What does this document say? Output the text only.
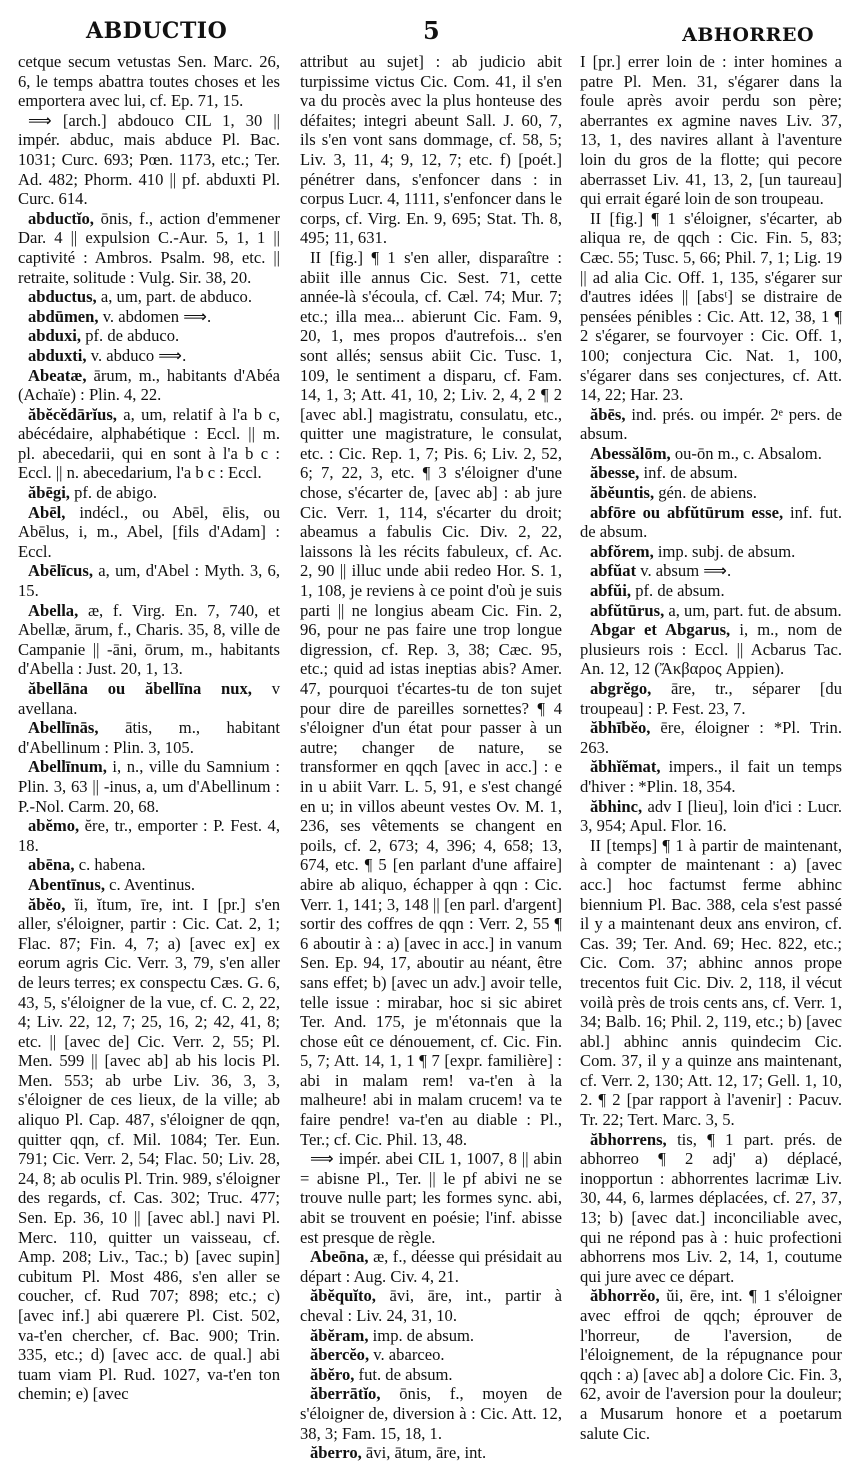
ABDUCTIO	5	ABHORREO

cetque secum vetustas Sen. Marc. 26, 6, le temps abattra toutes choses et les emportera avec lui, cf. Ep. 71, 15.

⟹ [arch.] abdouco CIL 1, 30 || impér. abduc, mais abduce Pl. Bac. 1031; Curc. 693; Pœn. 1173, etc.; Ter. Ad. 482; Phorm. 410 || pf. abduxti Pl. Curc. 614.

abductĭo, ōnis, f., action d'emmener Dar. 4 || expulsion C.-Aur. 5, 1, 1 || captivité : Ambros. Psalm. 98, etc. || retraite, solitude : Vulg. Sir. 38, 20.

abductus, a, um, part. de abduco.

abdūmen, v. abdomen ⟹.

abduxi, pf. de abduco.

abduxti, v. abduco ⟹.

Abeatæ, ārum, m., habitants d'Abéa (Achaïe) : Plin. 4, 22.

ăbĕcĕdārĭus, a, um, relatif à l'a b c, abécédaire, alphabétique : Eccl. || m. pl. abecedarii, qui en sont à l'a b c : Eccl. || n. abecedarium, l'a b c : Eccl.

ăbēgi, pf. de abigo.

Abēl, indécl., ou Abēl, ēlis, ou Abēlus, i, m., Abel, [fils d'Adam] : Eccl.

Abēlīcus, a, um, d'Abel : Myth. 3, 6, 15.

Abella, æ, f. Virg. En. 7, 740, et Abellæ, ārum, f., Charis. 35, 8, ville de Campanie || -āni, ōrum, m., habitants d'Abella : Just. 20, 1, 13.

ăbellāna ou ăbellīna nux, v avellana.

Abellīnās, ātis, m., habitant d'Abellinum : Plin. 3, 105.

Abellīnum, i, n., ville du Samnium : Plin. 3, 63 || -inus, a, um d'Abellinum : P.-Nol. Carm. 20, 68.

abĕmo, ĕre, tr., emporter : P. Fest. 4, 18.

abēna, c. habena.

Abentīnus, c. Aventinus.

ăbĕo, ĭi, ĭtum, īre, int. I [pr.] s'en aller, s'éloigner, partir : Cic. Cat. 2, 1; Flac. 87; Fin. 4, 7; a) [avec ex] ex eorum agris Cic. Verr. 3, 79, s'en aller de leurs terres; ex conspectu Cæs. G. 6, 43, 5, s'éloigner de la vue, cf. C. 2, 22, 4; Liv. 22, 12, 7; 25, 16, 2; 42, 41, 8; etc. || [avec de] Cic. Verr. 2, 55; Pl. Men. 599 || [avec ab] ab his locis Pl. Men. 553; ab urbe Liv. 36, 3, 3, s'éloigner de ces lieux, de la ville; ab aliquo Pl. Cap. 487, s'éloigner de qqn, quitter qqn, cf. Mil. 1084; Ter. Eun. 791; Cic. Verr. 2, 54; Flac. 50; Liv. 28, 24, 8; ab oculis Pl. Trin. 989, s'éloigner des regards, cf. Cas. 302; Truc. 477; Sen. Ep. 36, 10 || [avec abl.] navi Pl. Merc. 110, quitter un vaisseau, cf. Amp. 208; Liv., Tac.; b) [avec supin] cubitum Pl. Most 486, s'en aller se coucher, cf. Rud 707; 898; etc.; c) [avec inf.] abi quærere Pl. Cist. 502, va-t'en chercher, cf. Bac. 900; Trin. 335, etc.; d) [avec acc. de qual.] abi tuam viam Pl. Rud. 1027, va-t'en ton chemin; e) [avec

attribut au sujet] : ab judicio abit turpissime victus Cic. Com. 41, il s'en va du procès avec la plus honteuse des défaites; integri abeunt Sall. J. 60, 7, ils s'en vont sans dommage, cf. 58, 5; Liv. 3, 11, 4; 9, 12, 7; etc. f) [poét.] pénétrer dans, s'enfoncer dans : in corpus Lucr. 4, 1111, s'enfoncer dans le corps, cf. Virg. En. 9, 695; Stat. Th. 8, 495; 11, 631.

II [fig.] ¶ 1 s'en aller, disparaître : abiit ille annus Cic. Sest. 71, cette année-là s'écoula, cf. Cæl. 74; Mur. 7; etc.; illa mea... abierunt Cic. Fam. 9, 20, 1, mes propos d'autrefois... s'en sont allés; sensus abiit Cic. Tusc. 1, 109, le sentiment a disparu, cf. Fam. 14, 1, 3; Att. 41, 10, 2; Liv. 2, 4, 2 ¶ 2 [avec abl.] magistratu, consulatu, etc., quitter une magistrature, le consulat, etc. : Cic. Rep. 1, 7; Pis. 6; Liv. 2, 52, 6; 7, 22, 3, etc. ¶ 3 s'éloigner d'une chose, s'écarter de, [avec ab] : ab jure Cic. Verr. 1, 114, s'écarter du droit; abeamus a fabulis Cic. Div. 2, 22, laissons là les récits fabuleux, cf. Ac. 2, 90 || illuc unde abii redeo Hor. S. 1, 1, 108, je reviens à ce point d'où je suis parti || ne longius abeam Cic. Fin. 2, 96, pour ne pas faire une trop longue digression, cf. Rep. 3, 38; Cæc. 95, etc.; quid ad istas ineptias abis? Amer. 47, pourquoi t'écartes-tu de ton sujet pour dire de pareilles sornettes? ¶ 4 s'éloigner d'un état pour passer à un autre; changer de nature, se transformer en qqch [avec in acc.] : e in u abiit Varr. L. 5, 91, e s'est changé en u; in villos abeunt vestes Ov. M. 1, 236, ses vêtements se changent en poils, cf. 2, 673; 4, 396; 4, 658; 13, 674, etc. ¶ 5 [en parlant d'une affaire] abire ab aliquo, échapper à qqn : Cic. Verr. 1, 141; 3, 148 || [en parl. d'argent] sortir des coffres de qqn : Verr. 2, 55 ¶ 6 aboutir à : a) [avec in acc.] in vanum Sen. Ep. 94, 17, aboutir au néant, être sans effet; b) [avec un adv.] avoir telle, telle issue : mirabar, hoc si sic abiret Ter. And. 175, je m'étonnais que la chose eût ce dénouement, cf. Cic. Fin. 5, 7; Att. 14, 1, 1 ¶ 7 [expr. familière] : abi in malam rem! va-t'en à la malheure! abi in malam crucem! va te faire pendre! va-t'en au diable : Pl., Ter.; cf. Cic. Phil. 13, 48.

⟹ impér. abei CIL 1, 1007, 8 || abin = abisne Pl., Ter. || le pf abivi ne se trouve nulle part; les formes sync. abi, abit se trouvent en poésie; l'inf. abisse est presque de règle.

Abeōna, æ, f., déesse qui présidait au départ : Aug. Civ. 4, 21.

ăbĕquĭto, āvi, āre, int., partir à cheval : Liv. 24, 31, 10.

ăbĕram, imp. de absum.

ăbercĕo, v. abarceo.

ăbĕro, fut. de absum.

ăberrātĭo, ōnis, f., moyen de s'éloigner de, diversion à : Cic. Att. 12, 38, 3; Fam. 15, 18, 1.

ăberro, āvi, ātum, āre, int.

I [pr.] errer loin de : inter homines a patre Pl. Men. 31, s'égarer dans la foule après avoir perdu son père; aberrantes ex agmine naves Liv. 37, 13, 1, des navires allant à l'aventure loin du gros de la flotte; qui pecore aberrasset Liv. 41, 13, 2, [un taureau] qui errait égaré loin de son troupeau.

II [fig.] ¶ 1 s'éloigner, s'écarter, ab aliqua re, de qqch : Cic. Fin. 5, 83; Cæc. 55; Tusc. 5, 66; Phil. 7, 1; Lig. 19 || ad alia Cic. Off. 1, 135, s'égarer sur d'autres idées || [absᵗ] se distraire de pensées pénibles : Cic. Att. 12, 38, 1 ¶ 2 s'égarer, se fourvoyer : Cic. Off. 1, 100; conjectura Cic. Nat. 1, 100, s'égarer dans ses conjectures, cf. Att. 14, 22; Har. 23.

ăbēs, ind. prés. ou impér. 2ᵉ pers. de absum.

Abessălōm, ou-ōn m., c. Absalom.

ăbesse, inf. de absum.

ăbĕuntis, gén. de abiens.

abfōre ou abfŭtūrum esse, inf. fut. de absum.

abfŏrem, imp. subj. de absum.

abfŭat v. absum ⟹.

abfŭi, pf. de absum.

abfŭtūrus, a, um, part. fut. de absum.

Abgar et Abgarus, i, m., nom de plusieurs rois : Eccl. || Acbarus Tac. An. 12, 12 (Ἄκβαρος Appien).

abgrĕgo, āre, tr., séparer [du troupeau] : P. Fest. 23, 7.

ăbhībĕo, ēre, éloigner : *Pl. Trin. 263.

ăbhĭĕmat, impers., il fait un temps d'hiver : *Plin. 18, 354.

ăbhinc, adv I [lieu], loin d'ici : Lucr. 3, 954; Apul. Flor. 16.

II [temps] ¶ 1 à partir de maintenant, à compter de maintenant : a) [avec acc.] hoc factumst ferme abhinc biennium Pl. Bac. 388, cela s'est passé il y a maintenant deux ans environ, cf. Cas. 39; Ter. And. 69; Hec. 822, etc.; Cic. Com. 37; abhinc annos prope trecentos fuit Cic. Div. 2, 118, il vécut voilà près de trois cents ans, cf. Verr. 1, 34; Balb. 16; Phil. 2, 119, etc.; b) [avec abl.] abhinc annis quindecim Cic. Com. 37, il y a quinze ans maintenant, cf. Verr. 2, 130; Att. 12, 17; Gell. 1, 10, 2. ¶ 2 [par rapport à l'avenir] : Pacuv. Tr. 22; Tert. Marc. 3, 5.

ăbhorrens, tis, ¶ 1 part. prés. de abhorreo ¶ 2 adj' a) déplacé, inopportun : abhorrentes lacrimæ Liv. 30, 44, 6, larmes déplacées, cf. 27, 37, 13; b) [avec dat.] inconciliable avec, qui ne répond pas à : huic profectioni abhorrens mos Liv. 2, 14, 1, coutume qui jure avec ce départ.

ăbhorrĕo, ŭi, ēre, int. ¶ 1 s'éloigner avec effroi de qqch; éprouver de l'horreur, de l'aversion, de l'éloignement, de la répugnance pour qqch : a) [avec ab] a dolore Cic. Fin. 3, 62, avoir de l'aversion pour la douleur; a Musarum honore et a poetarum salute Cic.
